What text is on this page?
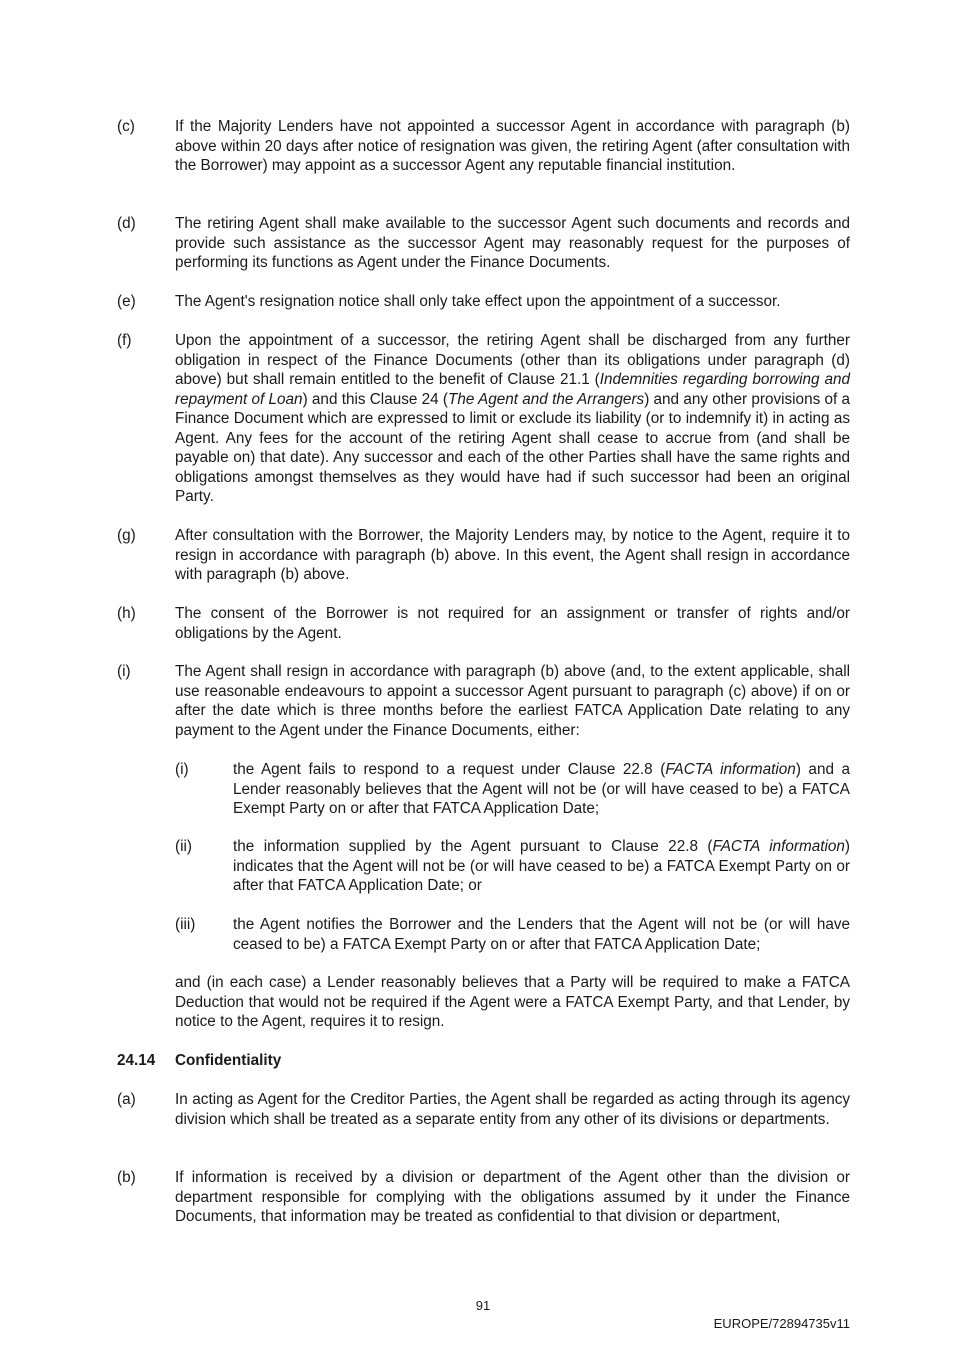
(c)	If the Majority Lenders have not appointed a successor Agent in accordance with paragraph (b) above within 20 days after notice of resignation was given, the retiring Agent (after consultation with the Borrower) may appoint as a successor Agent any reputable financial institution.
(d)	The retiring Agent shall make available to the successor Agent such documents and records and provide such assistance as the successor Agent may reasonably request for the purposes of performing its functions as Agent under the Finance Documents.
(e)	The Agent's resignation notice shall only take effect upon the appointment of a successor.
(f)	Upon the appointment of a successor, the retiring Agent shall be discharged from any further obligation in respect of the Finance Documents (other than its obligations under paragraph (d) above) but shall remain entitled to the benefit of Clause 21.1 (Indemnities regarding borrowing and repayment of Loan) and this Clause 24 (The Agent and the Arrangers) and any other provisions of a Finance Document which are expressed to limit or exclude its liability (or to indemnify it) in acting as Agent. Any fees for the account of the retiring Agent shall cease to accrue from (and shall be payable on) that date). Any successor and each of the other Parties shall have the same rights and obligations amongst themselves as they would have had if such successor had been an original Party.
(g)	After consultation with the Borrower, the Majority Lenders may, by notice to the Agent, require it to resign in accordance with paragraph (b) above. In this event, the Agent shall resign in accordance with paragraph (b) above.
(h)	The consent of the Borrower is not required for an assignment or transfer of rights and/or obligations by the Agent.
(i)	The Agent shall resign in accordance with paragraph (b) above (and, to the extent applicable, shall use reasonable endeavours to appoint a successor Agent pursuant to paragraph (c) above) if on or after the date which is three months before the earliest FATCA Application Date relating to any payment to the Agent under the Finance Documents, either:
(i)	the Agent fails to respond to a request under Clause 22.8 (FACTA information) and a Lender reasonably believes that the Agent will not be (or will have ceased to be) a FATCA Exempt Party on or after that FATCA Application Date;
(ii)	the information supplied by the Agent pursuant to Clause 22.8 (FACTA information) indicates that the Agent will not be (or will have ceased to be) a FATCA Exempt Party on or after that FATCA Application Date; or
(iii) the Agent notifies the Borrower and the Lenders that the Agent will not be (or will have ceased to be) a FATCA Exempt Party on or after that FATCA Application Date;
and (in each case) a Lender reasonably believes that a Party will be required to make a FATCA Deduction that would not be required if the Agent were a FATCA Exempt Party, and that Lender, by notice to the Agent, requires it to resign.
24.14 Confidentiality
(a)	In acting as Agent for the Creditor Parties, the Agent shall be regarded as acting through its agency division which shall be treated as a separate entity from any other of its divisions or departments.
(b)	If information is received by a division or department of the Agent other than the division or department responsible for complying with the obligations assumed by it under the Finance Documents, that information may be treated as confidential to that division or department,
91
EUROPE/72894735v11
